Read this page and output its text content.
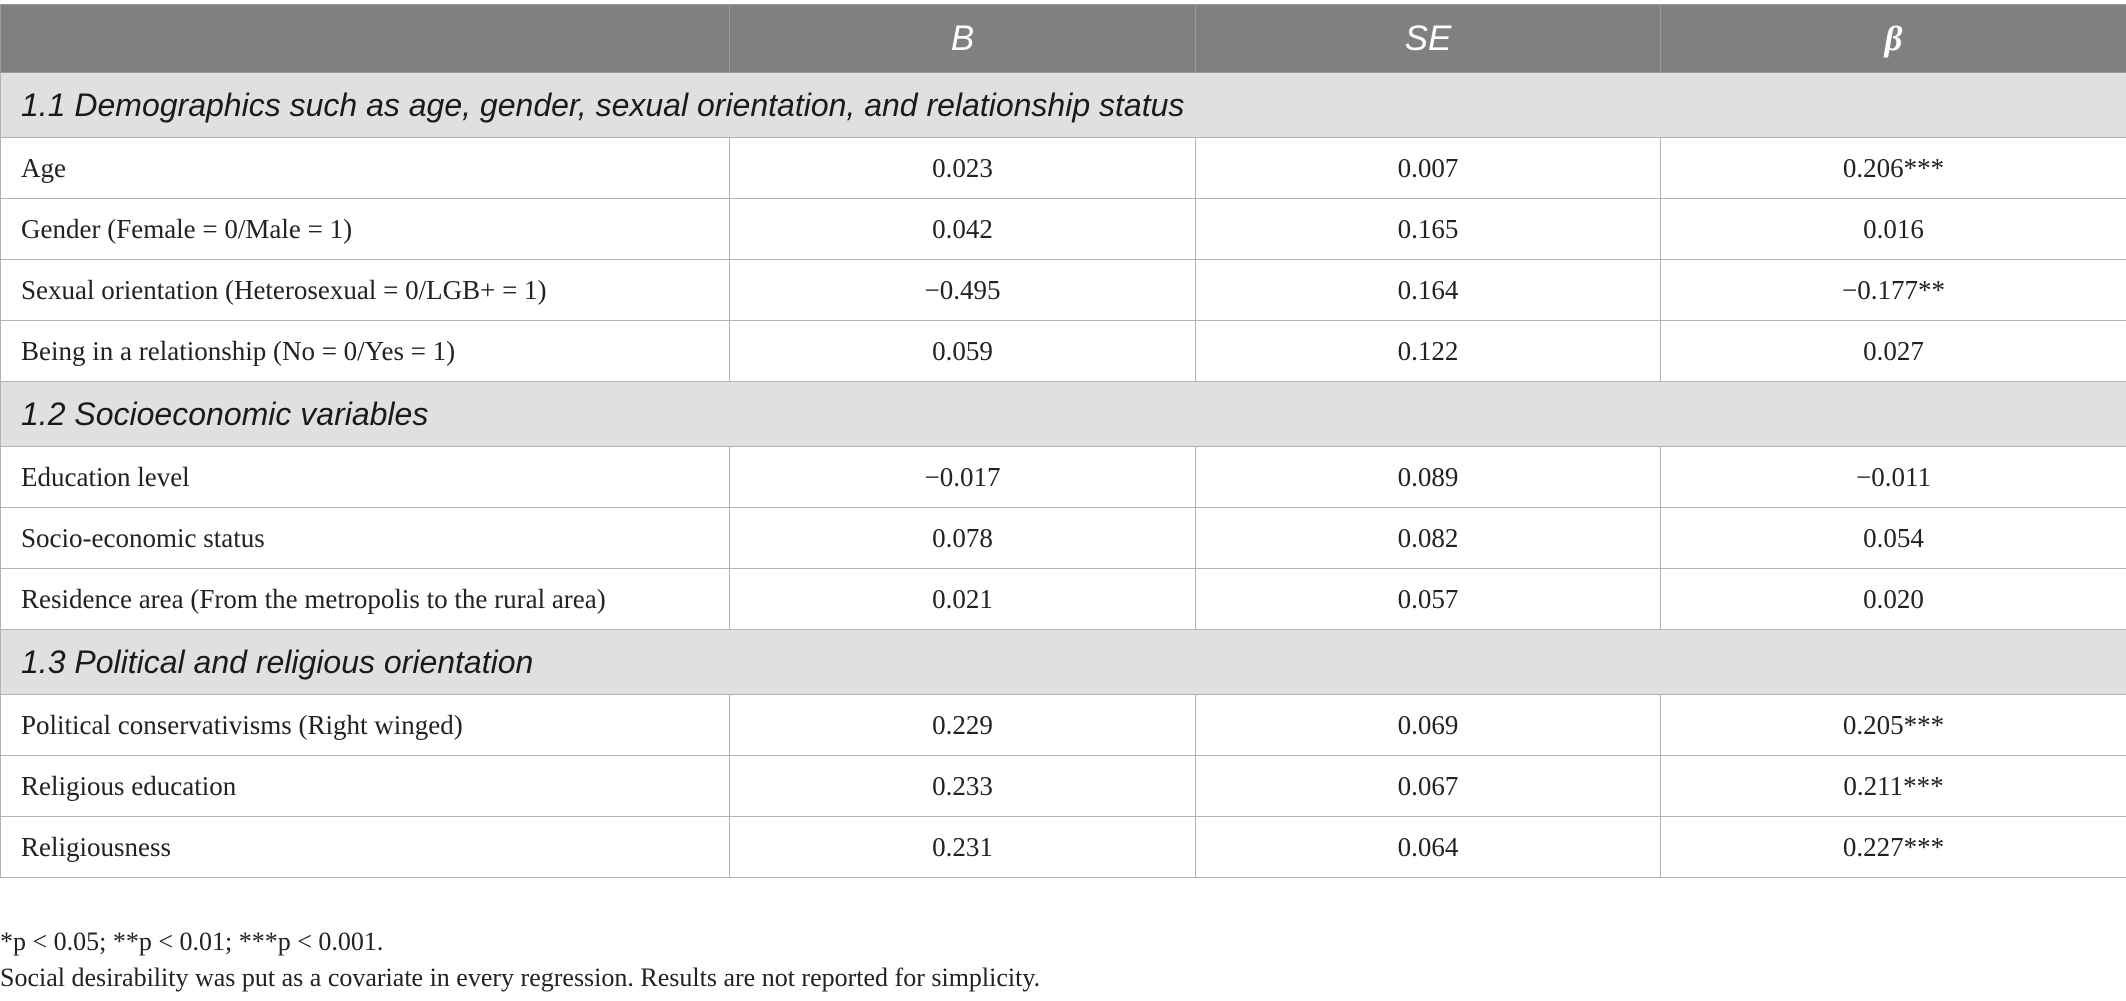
	B	SE	β
1.1 Demographics such as age, gender, sexual orientation, and relationship status			
Age	0.023	0.007	0.206***
Gender (Female = 0/Male = 1)	0.042	0.165	0.016
Sexual orientation (Heterosexual = 0/LGB+ = 1)	−0.495	0.164	−0.177**
Being in a relationship (No = 0/Yes = 1)	0.059	0.122	0.027
1.2 Socioeconomic variables			
Education level	−0.017	0.089	−0.011
Socio-economic status	0.078	0.082	0.054
Residence area (From the metropolis to the rural area)	0.021	0.057	0.020
1.3 Political and religious orientation			
Political conservativisms (Right winged)	0.229	0.069	0.205***
Religious education	0.233	0.067	0.211***
Religiousness	0.231	0.064	0.227***
*p < 0.05; **p < 0.01; ***p < 0.001.
Social desirability was put as a covariate in every regression. Results are not reported for simplicity.
